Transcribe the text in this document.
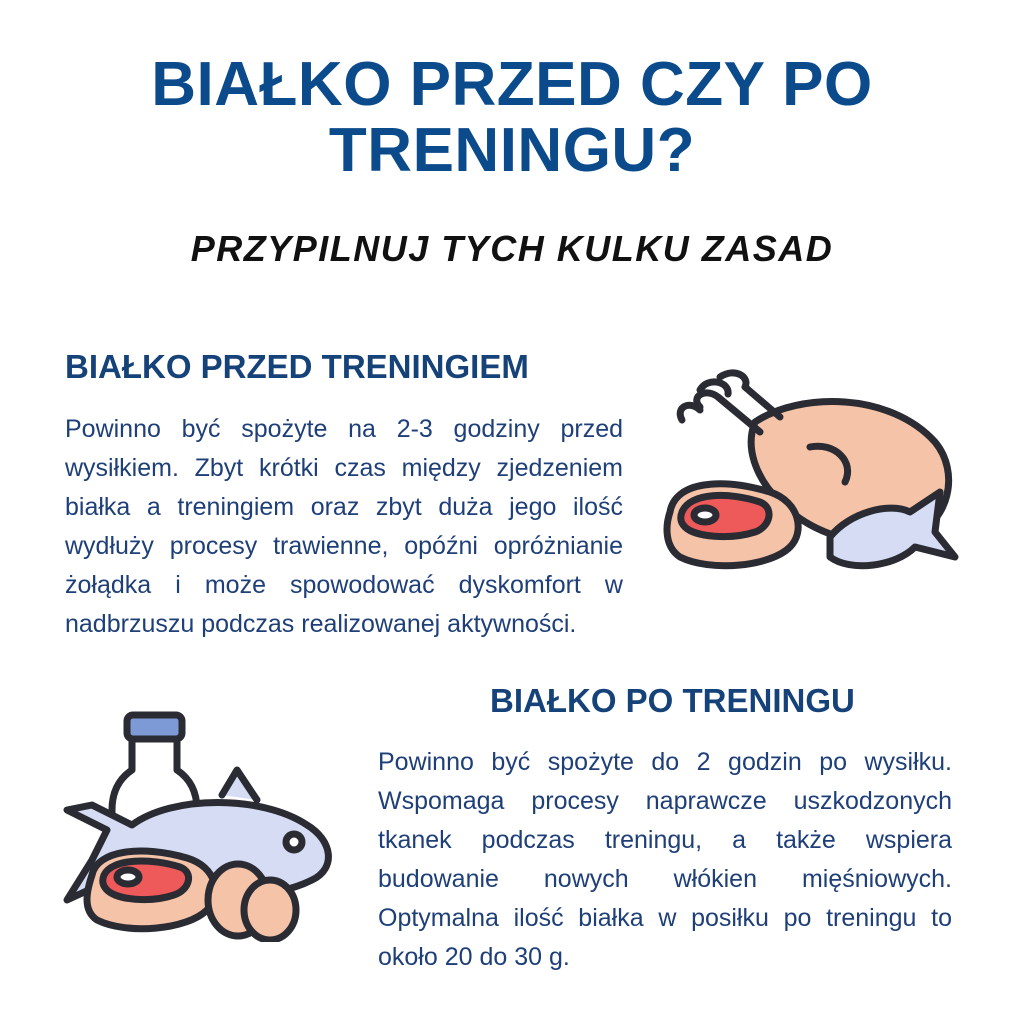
BIAŁKO PRZED CZY PO TRENINGU?
PRZYPILNUJ TYCH KULKU ZASAD
BIAŁKO PRZED TRENINGIEM

Powinno być spożyte na 2-3 godziny przed wysiłkiem. Zbyt krótki czas między zjedzeniem białka a treningiem oraz zbyt duża jego ilość wydłuży procesy trawienne, opóźni opróżnianie żołądka i może spowodować dyskomfort w nadbrzuszu podczas realizowanej aktywności.

BIAŁKO PO TRENINGU

Powinno być spożyte do 2 godzin po wysiłku. Wspomaga procesy naprawcze uszkodzonych tkanek podczas treningu, a także wspiera budowanie nowych włókien mięśniowych. Optymalna ilość białka w posiłku po treningu to około 20 do 30 g.
